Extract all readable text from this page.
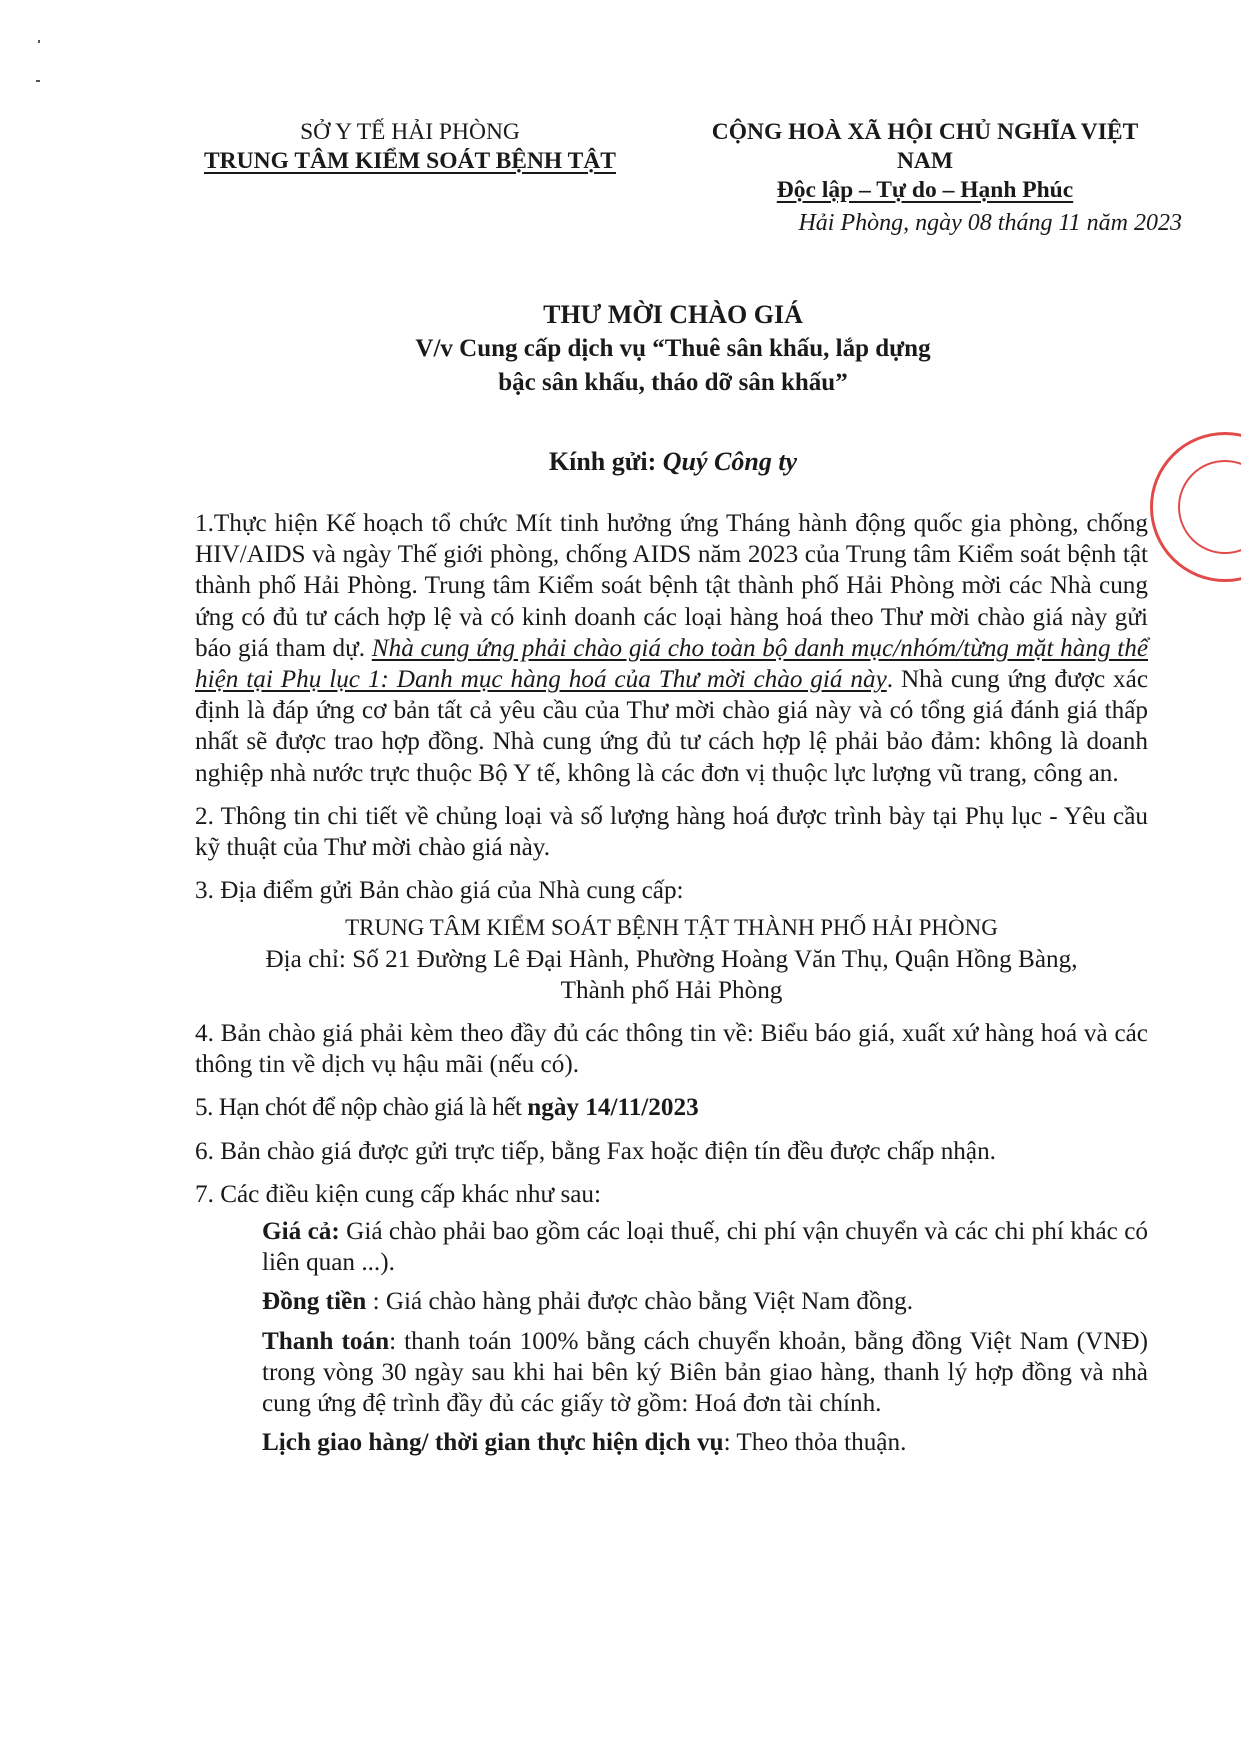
SỞ Y TẾ HẢI PHÒNG
TRUNG TÂM KIỂM SOÁT BỆNH TẬT
CỘNG HOÀ XÃ HỘI CHỦ NGHĨA VIỆT NAM
Độc lập – Tự do – Hạnh Phúc
Hải Phòng, ngày 08 tháng 11 năm 2023
THƯ MỜI CHÀO GIÁ
V/v Cung cấp dịch vụ “Thuê sân khấu, lắp dựng
bậc sân khấu, tháo dỡ sân khấu”
Kính gửi: Quý Công ty

1.Thực hiện Kế hoạch tổ chức Mít tinh hưởng ứng Tháng hành động quốc gia phòng, chống HIV/AIDS và ngày Thế giới phòng, chống AIDS năm 2023 của Trung tâm Kiểm soát bệnh tật thành phố Hải Phòng. Trung tâm Kiểm soát bệnh tật thành phố Hải Phòng mời các Nhà cung ứng có đủ tư cách hợp lệ và có kinh doanh các loại hàng hoá theo Thư mời chào giá này gửi báo giá tham dự. Nhà cung ứng phải chào giá cho toàn bộ danh mục/nhóm/từng mặt hàng thể hiện tại Phụ lục 1: Danh mục hàng hoá của Thư mời chào giá này. Nhà cung ứng được xác định là đáp ứng cơ bản tất cả yêu cầu của Thư mời chào giá này và có tổng giá đánh giá thấp nhất sẽ được trao hợp đồng. Nhà cung ứng đủ tư cách hợp lệ phải bảo đảm: không là doanh nghiệp nhà nước trực thuộc Bộ Y tế, không là các đơn vị thuộc lực lượng vũ trang, công an.

2. Thông tin chi tiết về chủng loại và số lượng hàng hoá được trình bày tại Phụ lục - Yêu cầu kỹ thuật của Thư mời chào giá này.

3. Địa điểm gửi Bản chào giá của Nhà cung cấp:

TRUNG TÂM KIỂM SOÁT BỆNH TẬT THÀNH PHỐ HẢI PHÒNG
Địa chỉ: Số 21 Đường Lê Đại Hành, Phường Hoàng Văn Thụ, Quận Hồng Bàng,
Thành phố Hải Phòng

4. Bản chào giá phải kèm theo đầy đủ các thông tin về: Biểu báo giá, xuất xứ hàng hoá và các thông tin về dịch vụ hậu mãi (nếu có).

5. Hạn chót để nộp chào giá là hết ngày 14/11/2023

6. Bản chào giá được gửi trực tiếp, bằng Fax hoặc điện tín đều được chấp nhận.

7. Các điều kiện cung cấp khác như sau:

Giá cả: Giá chào phải bao gồm các loại thuế, chi phí vận chuyển và các chi phí khác có liên quan ...).

Đồng tiền : Giá chào hàng phải được chào bằng Việt Nam đồng.

Thanh toán: thanh toán 100% bằng cách chuyển khoản, bằng đồng Việt Nam (VNĐ) trong vòng 30 ngày sau khi hai bên ký Biên bản giao hàng, thanh lý hợp đồng và nhà cung ứng đệ trình đầy đủ các giấy tờ gồm: Hoá đơn tài chính.

Lịch giao hàng/ thời gian thực hiện dịch vụ: Theo thỏa thuận.
